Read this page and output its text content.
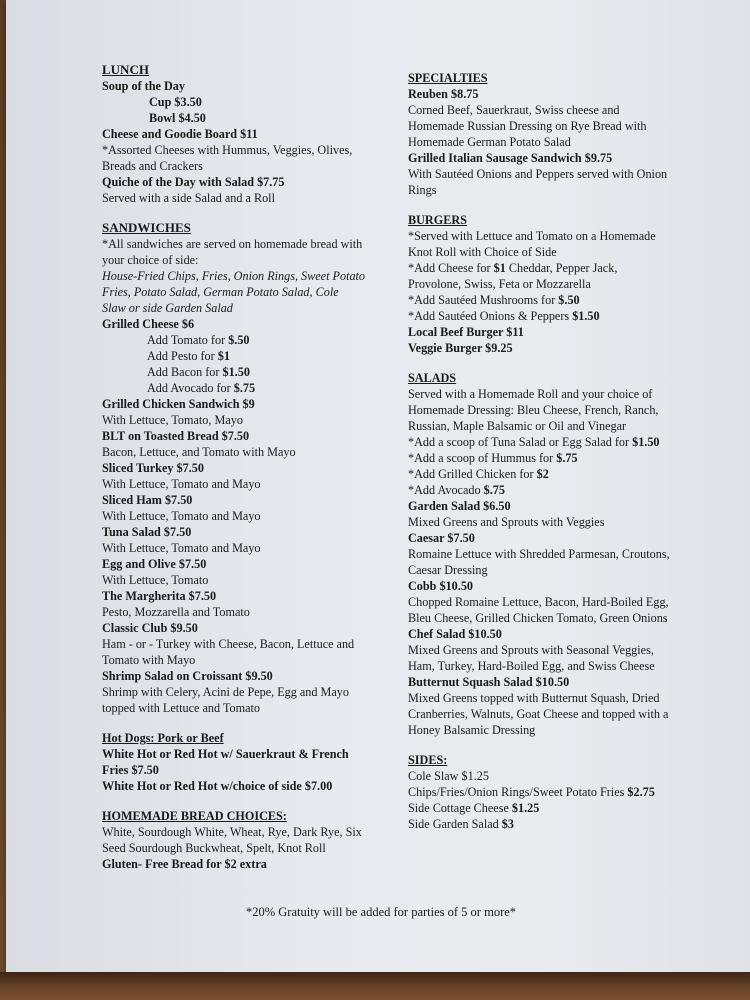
LUNCH
Soup of the Day
Cup $3.50
Bowl $4.50
Cheese and Goodie Board $11
*Assorted Cheeses with Hummus, Veggies, Olives,
Breads and Crackers
Quiche of the Day with Salad $7.75
Served with a side Salad and a Roll
SANDWICHES
*All sandwiches are served on homemade bread with
your choice of side:
House-Fried Chips, Fries, Onion Rings, Sweet Potato
Fries, Potato Salad, German Potato Salad, Cole
Slaw or side Garden Salad
Grilled Cheese $6
Add Tomato for $.50
Add Pesto for $1
Add Bacon for $1.50
Add Avocado for $.75
Grilled Chicken Sandwich $9
With Lettuce, Tomato, Mayo
BLT on Toasted Bread $7.50
Bacon, Lettuce, and Tomato with Mayo
Sliced Turkey $7.50
With Lettuce, Tomato and Mayo
Sliced Ham $7.50
With Lettuce, Tomato and Mayo
Tuna Salad $7.50
With Lettuce, Tomato and Mayo
Egg and Olive $7.50
With Lettuce, Tomato
The Margherita $7.50
Pesto, Mozzarella and Tomato
Classic Club $9.50
Ham - or - Turkey with Cheese, Bacon, Lettuce and
Tomato with Mayo
Shrimp Salad on Croissant $9.50
Shrimp with Celery, Acini de Pepe, Egg and Mayo
topped with Lettuce and Tomato
Hot Dogs: Pork or Beef
White Hot or Red Hot w/ Sauerkraut & French
Fries $7.50
White Hot or Red Hot w/choice of side $7.00
HOMEMADE BREAD CHOICES:
White, Sourdough White, Wheat, Rye, Dark Rye, Six
Seed Sourdough Buckwheat, Spelt, Knot Roll
Gluten- Free Bread for $2 extra
SPECIALTIES
Reuben $8.75
Corned Beef, Sauerkraut, Swiss cheese and
Homemade Russian Dressing on Rye Bread with
Homemade German Potato Salad
Grilled Italian Sausage Sandwich $9.75
With Sautéed Onions and Peppers served with Onion
Rings
BURGERS
*Served with Lettuce and Tomato on a Homemade
Knot Roll with Choice of Side
*Add Cheese for $1 Cheddar, Pepper Jack,
Provolone, Swiss, Feta or Mozzarella
*Add Sautéed Mushrooms for $.50
*Add Sautéed Onions & Peppers $1.50
Local Beef Burger $11
Veggie Burger $9.25
SALADS
Served with a Homemade Roll and your choice of
Homemade Dressing: Bleu Cheese, French, Ranch,
Russian, Maple Balsamic or Oil and Vinegar
*Add a scoop of Tuna Salad or Egg Salad for $1.50
*Add a scoop of Hummus for $.75
*Add Grilled Chicken for $2
*Add Avocado $.75
Garden Salad $6.50
Mixed Greens and Sprouts with Veggies
Caesar $7.50
Romaine Lettuce with Shredded Parmesan, Croutons,
Caesar Dressing
Cobb $10.50
Chopped Romaine Lettuce, Bacon, Hard-Boiled Egg,
Bleu Cheese, Grilled Chicken Tomato, Green Onions
Chef Salad $10.50
Mixed Greens and Sprouts with Seasonal Veggies,
Ham, Turkey, Hard-Boiled Egg, and Swiss Cheese
Butternut Squash Salad $10.50
Mixed Greens topped with Butternut Squash, Dried
Cranberries, Walnuts, Goat Cheese and topped with a
Honey Balsamic Dressing
SIDES:
Cole Slaw $1.25
Chips/Fries/Onion Rings/Sweet Potato Fries $2.75
Side Cottage Cheese $1.25
Side Garden Salad $3
*20% Gratuity will be added for parties of 5 or more*
